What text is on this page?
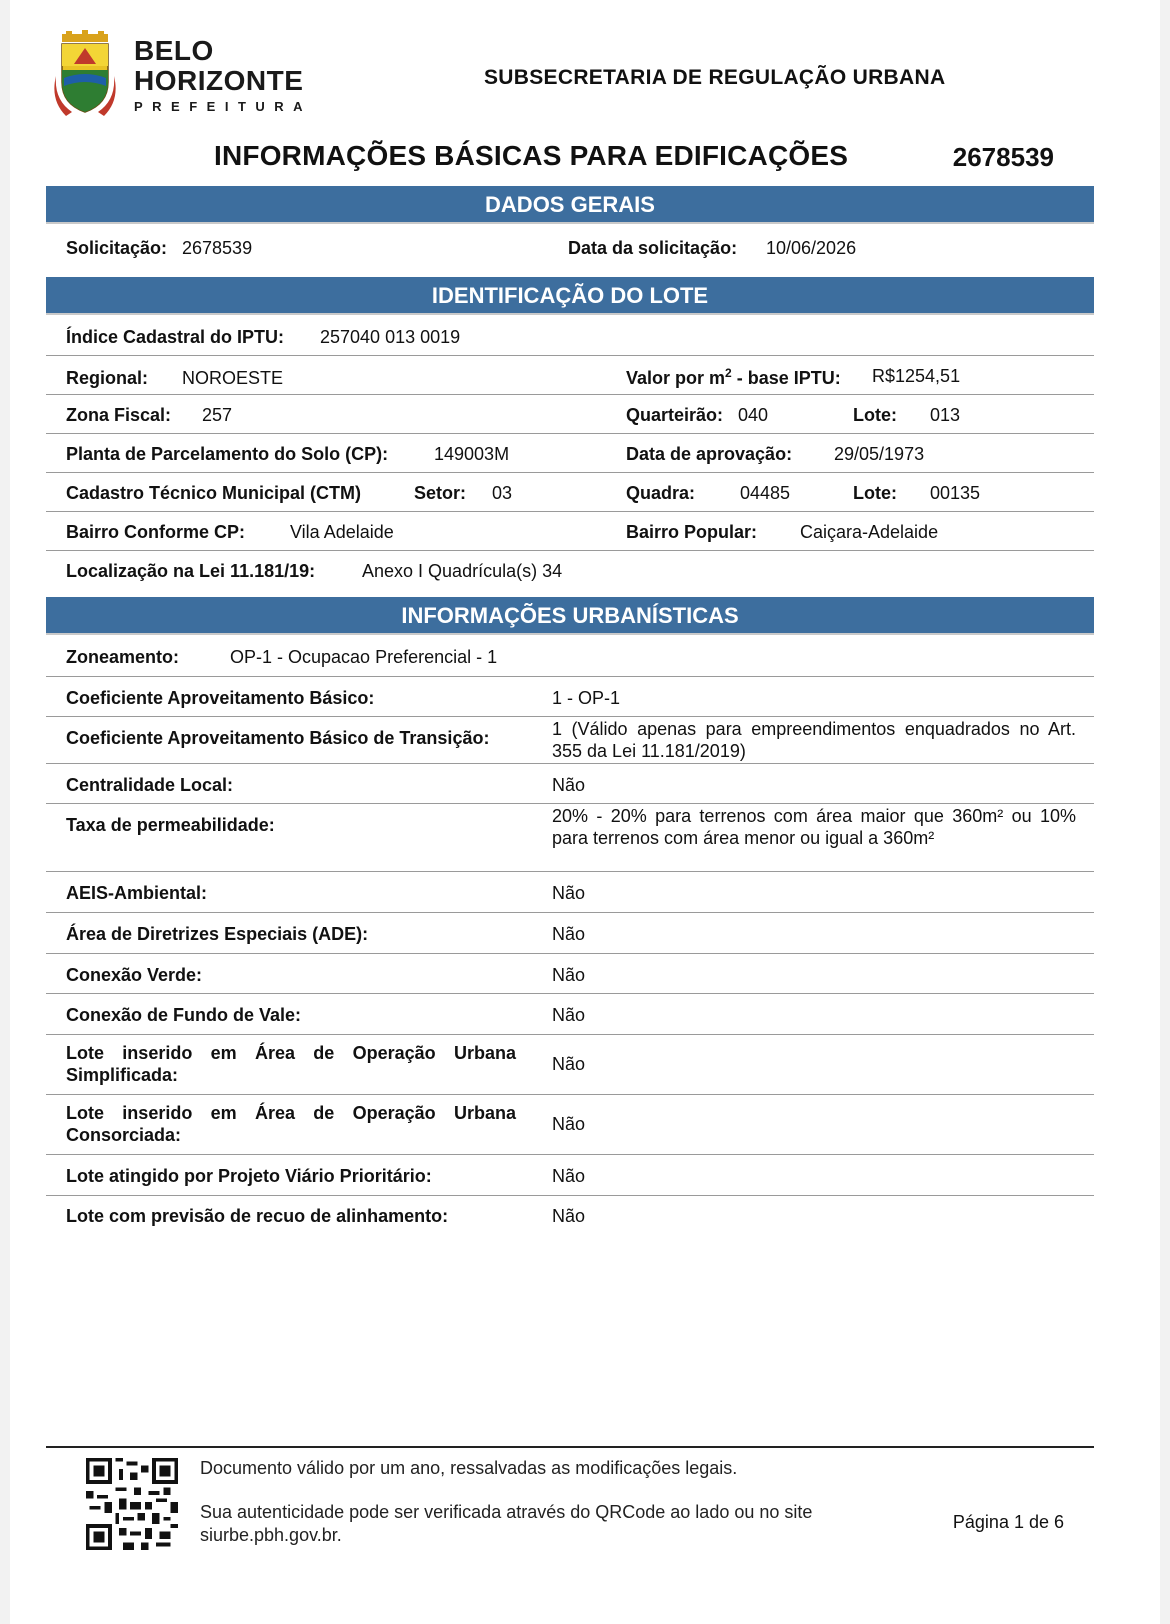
BELO
HORIZONTE
PREFEITURA
SUBSECRETARIA DE REGULAÇÃO URBANA
INFORMAÇÕES BÁSICAS PARA EDIFICAÇÕES	2678539
DADOS GERAIS
Solicitação: 2678539	Data da solicitação: 10/06/2026
IDENTIFICAÇÃO DO LOTE
Índice Cadastral do IPTU: 257040 013 0019
Regional: NOROESTE	Valor por $m^2$ - base IPTU: R$1254,51
Zona Fiscal: 257	Quarteirão: 040	Lote: 013
Planta de Parcelamento do Solo (CP):	149003M	Data de aprovação: 29/05/1973
Cadastro Técnico Municipal (CTM)	Setor: 03	Quadra: 04485	Lote: 00135
Bairro Conforme CP: Vila Adelaide	Bairro Popular: Caiçara-Adelaide
Localização na Lei 11.181/19:	Anexo I Quadrícula(s) 34
INFORMAÇÕES URBANÍSTICAS
Zoneamento:	OP-1 - Ocupacao Preferencial - 1
Coeficiente Aproveitamento Básico:	1 - OP-1
Coeficiente Aproveitamento Básico de Transição:	1 (Válido apenas para empreendimentos enquadrados no Art. 355 da Lei 11.181/2019)
Centralidade Local:	Não
Taxa de permeabilidade:	20% - 20% para terrenos com área maior que 360m² ou 10% para terrenos com área menor ou igual a 360m²
AEIS-Ambiental:	Não
Área de Diretrizes Especiais (ADE):	Não
Conexão Verde:	Não
Conexão de Fundo de Vale:	Não
Lote inserido em Área de Operação Urbana Simplificada:
Não
Lote inserido em Área de Operação Urbana Consorciada:
Não
Lote atingido por Projeto Viário Prioritário:	Não
Lote com previsão de recuo de alinhamento:	Não
Documento válido por um ano, ressalvadas as modificações legais.
Sua autenticidade pode ser verificada através do QRCode ao lado ou no site
siurbe.pbh.gov.br.
Página 1 de 6
